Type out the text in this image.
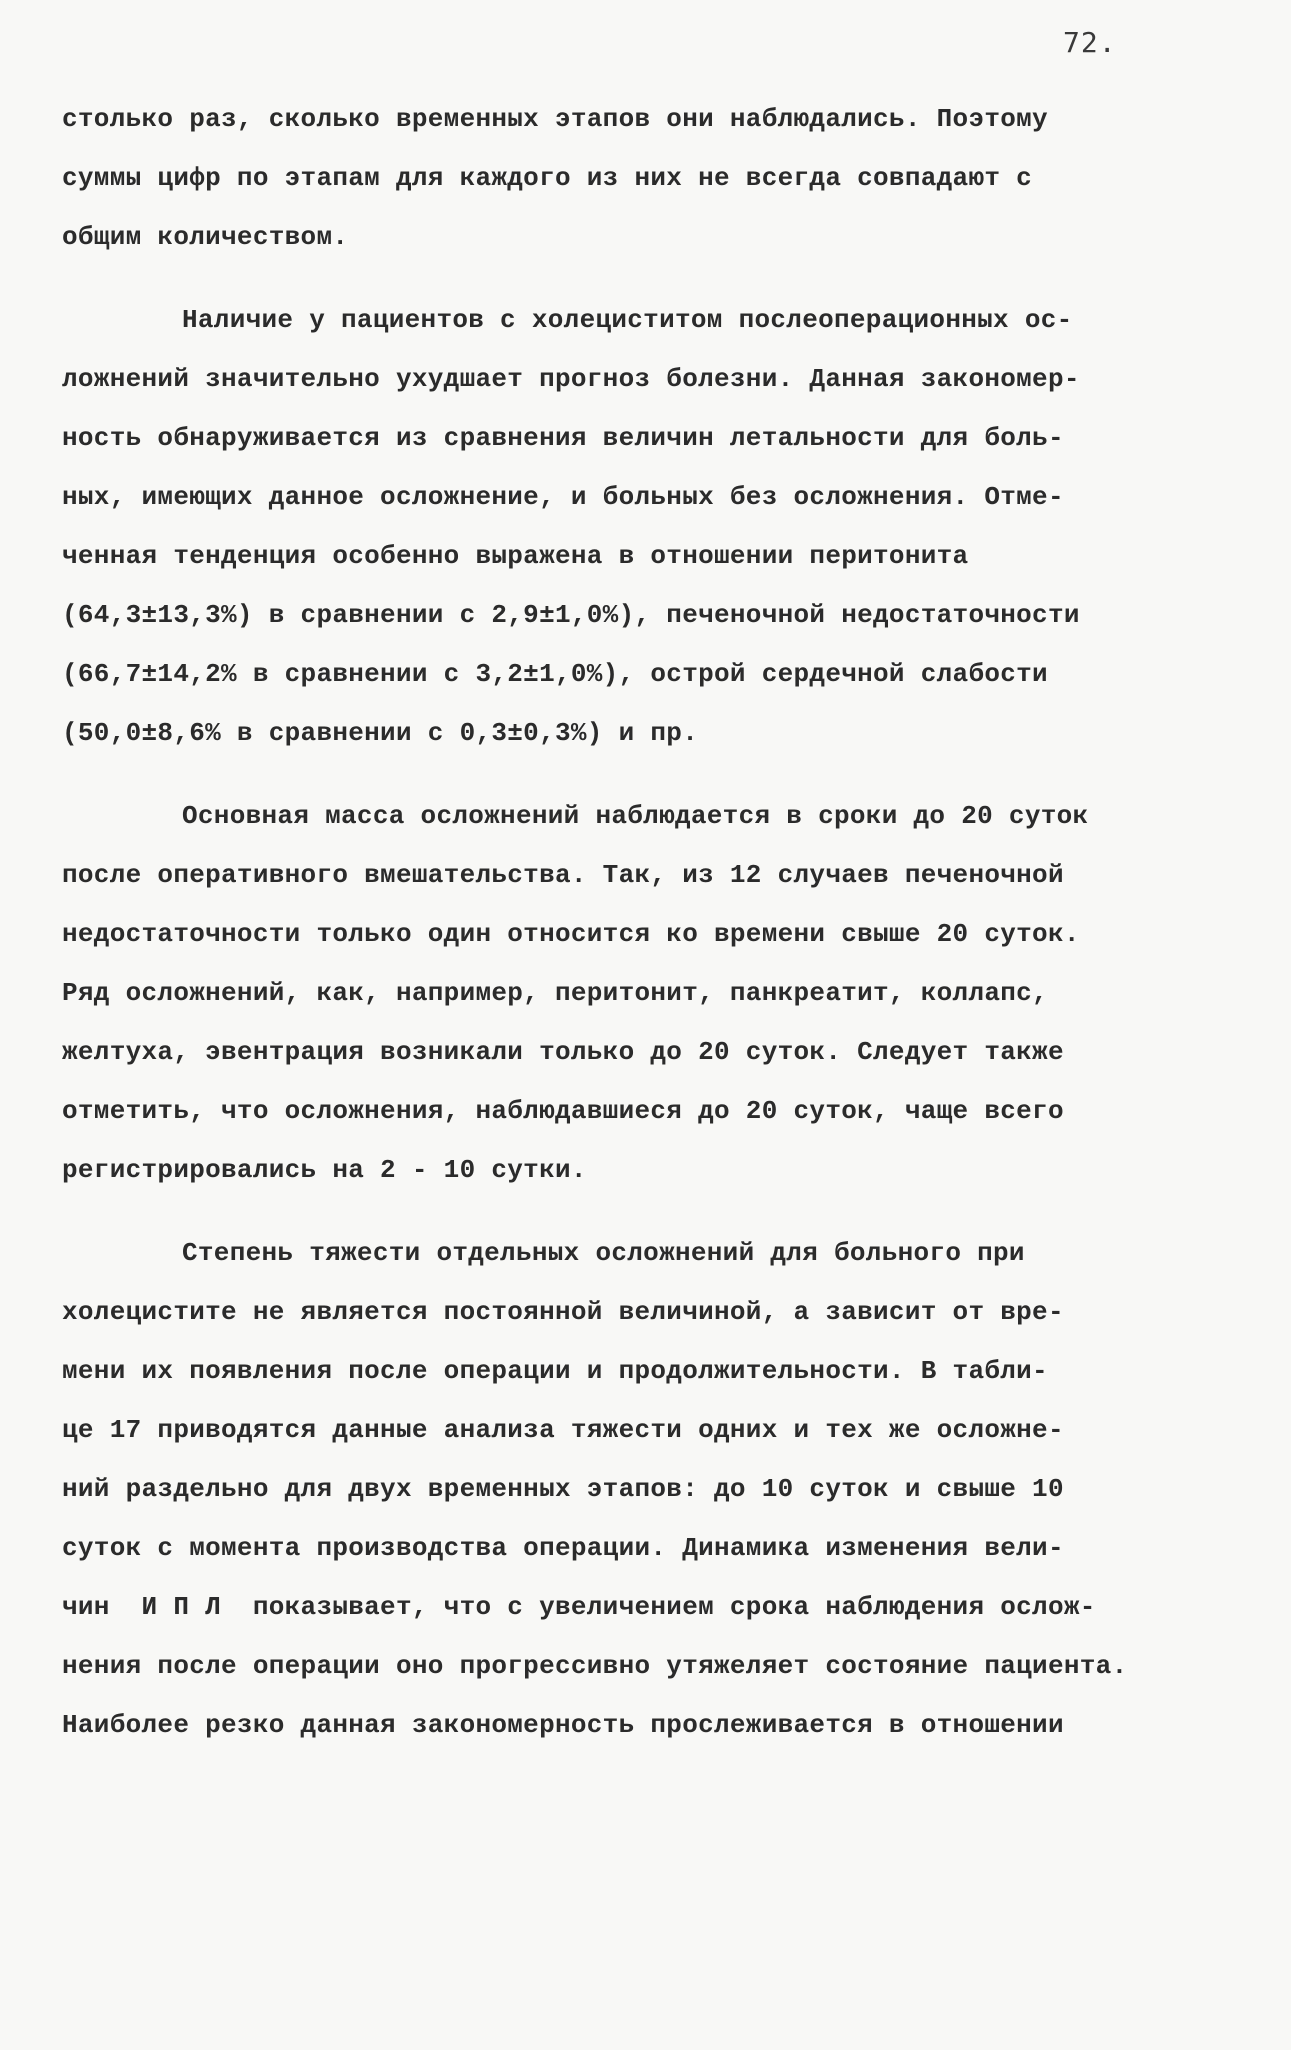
72.
столько раз, сколько временных этапов они наблюдались. Поэтому
суммы цифр по этапам для каждого из них не всегда совпадают с
общим количеством.
Наличие у пациентов с холециститом послеоперационных ос-
ложнений значительно ухудшает прогноз болезни. Данная закономер-
ность обнаруживается из сравнения величин летальности для боль-
ных, имеющих данное осложнение, и больных без осложнения. Отме-
ченная тенденция особенно выражена в отношении перитонита
(64,3±13,3%) в сравнении с 2,9±1,0%), печеночной недостаточности
(66,7±14,2% в сравнении с 3,2±1,0%), острой сердечной слабости
(50,0±8,6% в сравнении с 0,3±0,3%) и пр.
Основная масса осложнений наблюдается в сроки до 20 суток
после оперативного вмешательства. Так, из 12 случаев печеночной
недостаточности только один относится ко времени свыше 20 суток.
Ряд осложнений, как, например, перитонит, панкреатит, коллапс,
желтуха, эвентрация возникали только до 20 суток. Следует также
отметить, что осложнения, наблюдавшиеся до 20 суток, чаще всего
регистрировались на 2 - 10 сутки.
Степень тяжести отдельных осложнений для больного при
холецистите не является постоянной величиной, а зависит от вре-
мени их появления после операции и продолжительности. В табли-
це 17 приводятся данные анализа тяжести одних и тех же осложне-
ний раздельно для двух временных этапов: до 10 суток и свыше 10
суток с момента производства операции. Динамика изменения вели-
чин  И П Л  показывает, что с увеличением срока наблюдения ослож-
нения после операции оно прогрессивно утяжеляет состояние пациента.
Наиболее резко данная закономерность прослеживается в отношении
